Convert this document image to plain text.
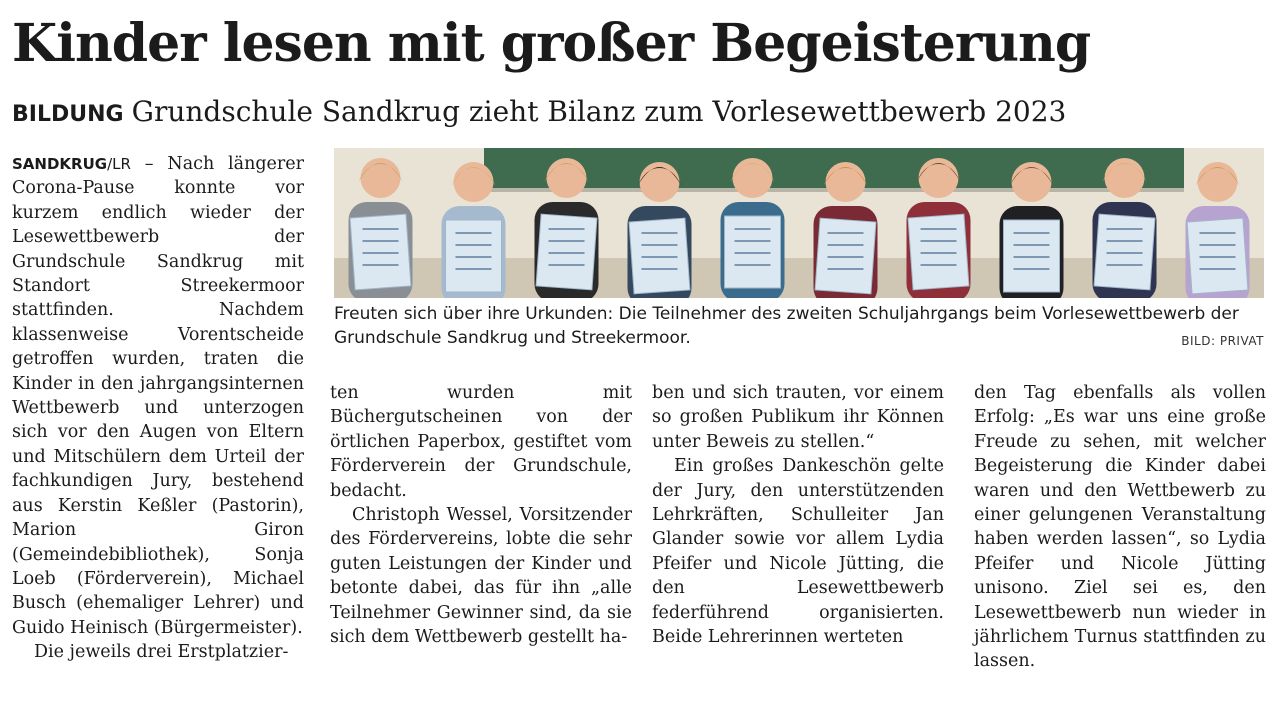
Kinder lesen mit großer Begeisterung
BILDUNG Grundschule Sandkrug zieht Bilanz zum Vorlesewettbewerb 2023

SANDKRUG/LR – Nach längerer Corona-Pause konnte vor kurzem endlich wieder der Lesewettbewerb der Grundschule Sandkrug mit Standort Streekermoor stattfinden. Nachdem klassenweise Vorentscheide getroffen wurden, traten die Kinder in den jahrgangsinternen Wettbewerb und unterzogen sich vor den Augen von Eltern und Mitschülern dem Urteil der fachkundigen Jury, bestehend aus Kerstin Keßler (Pastorin), Marion Giron (Gemeindebibliothek), Sonja Loeb (Förderverein), Michael Busch (ehemaliger Lehrer) und Guido Heinisch (Bürgermeister).

Die jeweils drei Erstplatzier-

Freuten sich über ihre Urkunden: Die Teilnehmer des zweiten Schuljahrgangs beim Vorlesewettbewerb der Grundschule Sandkrug und Streekermoor.	BILD: PRIVAT

ten wurden mit Büchergutscheinen von der örtlichen Paperbox, gestiftet vom Förderverein der Grundschule, bedacht.

Christoph Wessel, Vorsitzender des Fördervereins, lobte die sehr guten Leistungen der Kinder und betonte dabei, das für ihn „alle Teilnehmer Gewinner sind, da sie sich dem Wettbewerb gestellt ha-

ben und sich trauten, vor einem so großen Publikum ihr Können unter Beweis zu stellen.“

Ein großes Dankeschön gelte der Jury, den unterstützenden Lehrkräften, Schulleiter Jan Glander sowie vor allem Lydia Pfeifer und Nicole Jütting, die den Lesewettbewerb federführend organisierten. Beide Lehrerinnen werteten

den Tag ebenfalls als vollen Erfolg: „Es war uns eine große Freude zu sehen, mit welcher Begeisterung die Kinder dabei waren und den Wettbewerb zu einer gelungenen Veranstaltung haben werden lassen“, so Lydia Pfeifer und Nicole Jütting unisono. Ziel sei es, den Lesewettbewerb nun wieder in jährlichem Turnus stattfinden zu lassen.
